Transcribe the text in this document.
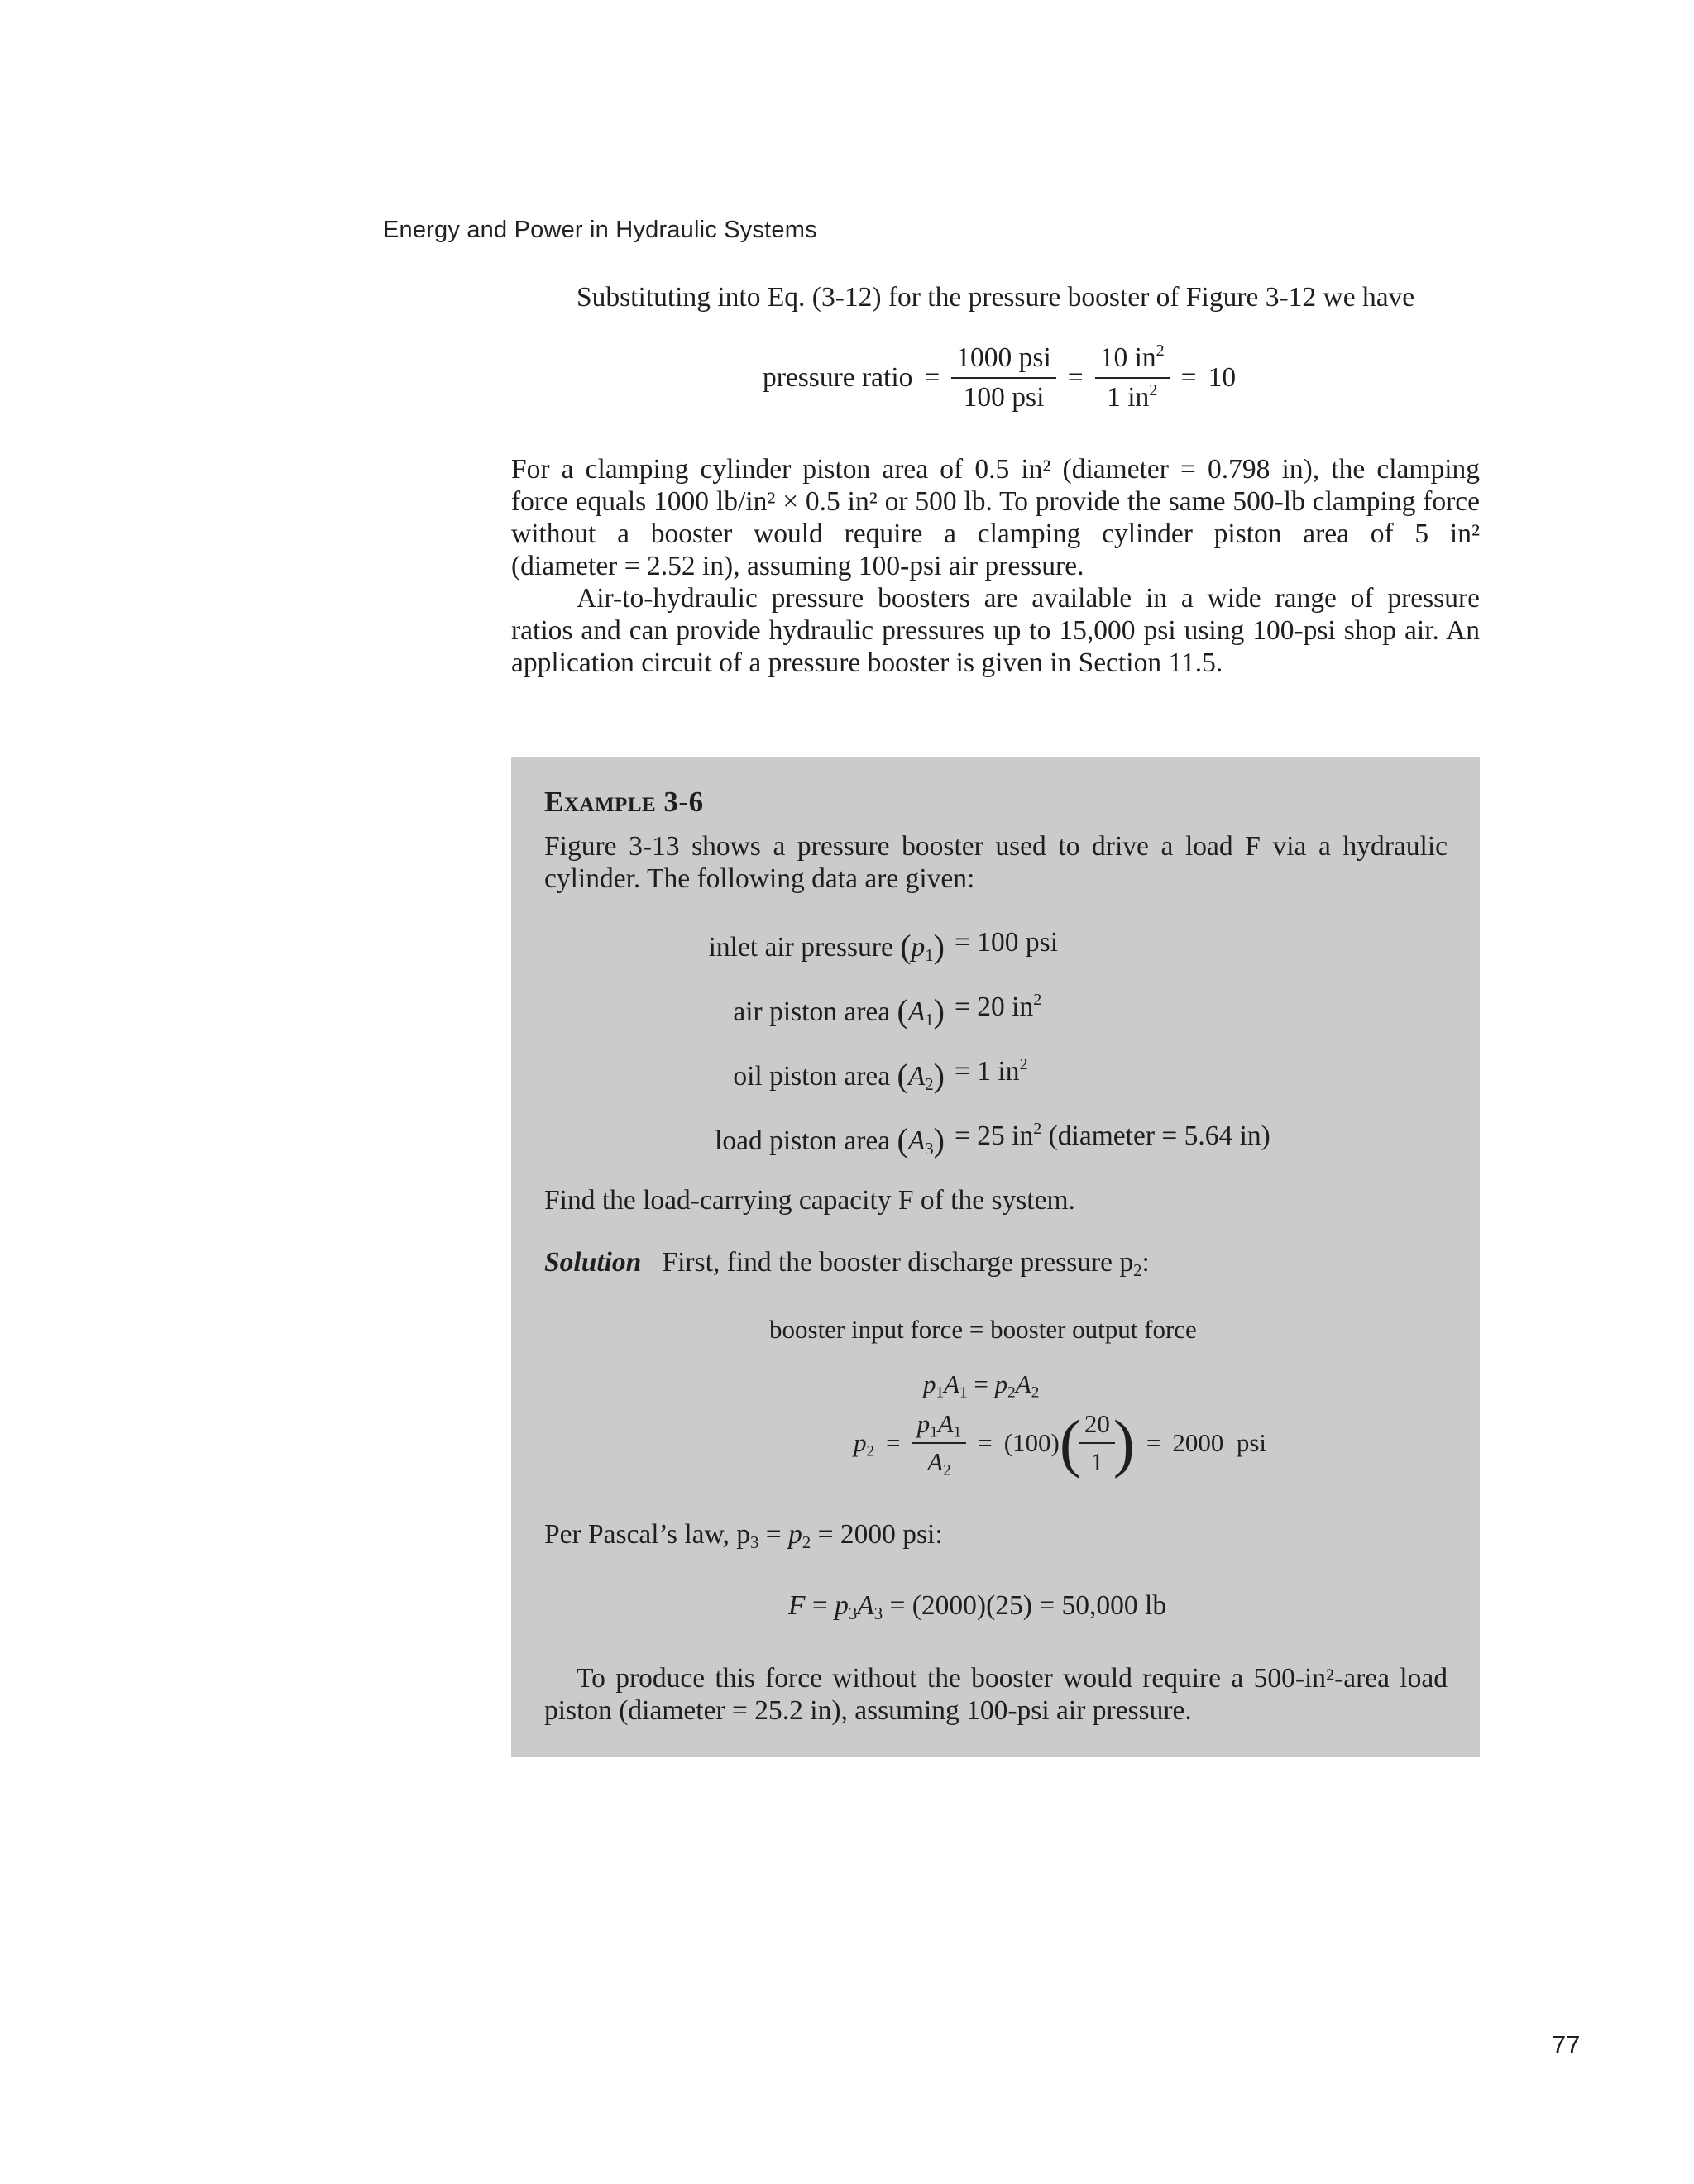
Energy and Power in Hydraulic Systems
Substituting into Eq. (3-12) for the pressure booster of Figure 3-12 we have
pressure ratio = $\frac{\text{1000 psi}}{\text{100 psi}} = \frac{10 in^2}{1 in^2} = 10$
For a clamping cylinder piston area of 0.5 in² (diameter = 0.798 in), the clamping
force equals 1000 lb/in² × 0.5 in² or 500 lb. To provide the same 500-lb clamping force
without a booster would require a clamping cylinder piston area of 5 in²
(diameter = 2.52 in), assuming 100-psi air pressure.
Air-to-hydraulic pressure boosters are available in a wide range of pressure
ratios and can provide hydraulic pressures up to 15,000 psi using 100-psi shop air. An
application circuit of a pressure booster is given in Section 11.5.
Example 3-6
Figure 3-13 shows a pressure booster used to drive a load F via a hydraulic
cylinder. The following data are given:
inlet air pressure $(p_1) = 100$ psi
air piston area $(A_1) = 20$ $in^2$
oil piston area $(A_2) = 1$ $in^2$
load piston area $(A_3) = 25$ $in^2$ (diameter = 5.64 in)
Find the load-carrying capacity F of the system.
Solution First, find the booster discharge pressure $p_2$:
booster input force = booster output force
$p_1A_1 = p_2A_2$
$p_2 = \frac{p_1A_1}{A_2} = (100)$ (
$\frac{20}{1}$
) = 2000  psi
Per Pascal’s law, $p_3 = p_2 = 2000$ psi:
$F = p_3A_3 = (2000)(25) = 50,000$ lb
To produce this force without the booster would require a 500-in²-area load
piston (diameter = 25.2 in), assuming 100-psi air pressure.
77
